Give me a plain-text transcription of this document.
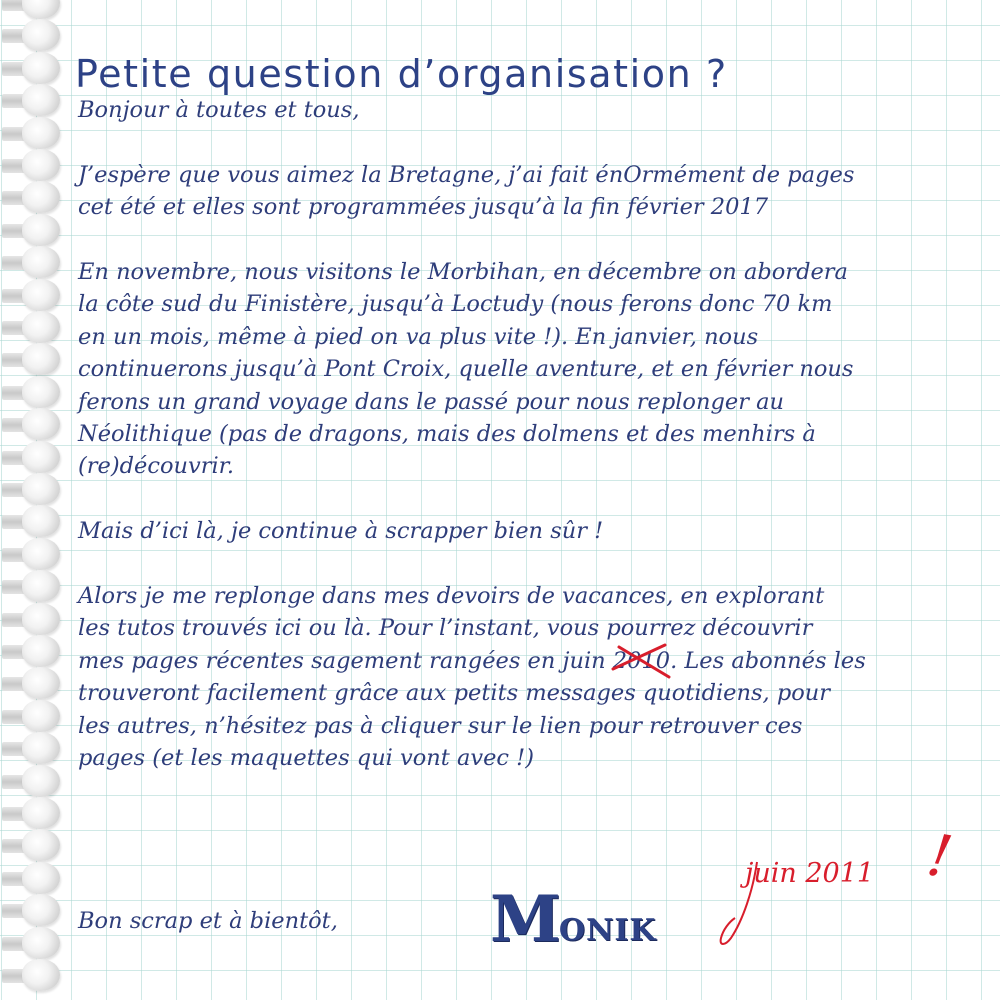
Petite question d’organisation ?
Bonjour à toutes et tous,
J’espère que vous aimez la Bretagne, j’ai fait énOrmément de pages
cet été et elles sont programmées jusqu’à la fin février 2017
En novembre, nous visitons le Morbihan, en décembre on abordera
la côte sud du Finistère, jusqu’à Loctudy (nous ferons donc 70 km
en un mois, même à pied on va plus vite !). En janvier, nous
continuerons jusqu’à Pont Croix, quelle aventure, et en février nous
ferons un grand voyage dans le passé pour nous replonger au
Néolithique (pas de dragons, mais des dolmens et des menhirs à
(re)découvrir.
Mais d’ici là, je continue à scrapper bien sûr !
Alors je me replonge dans mes devoirs de vacances, en explorant
les tutos trouvés ici ou là. Pour l’instant, vous pourrez découvrir
mes pages récentes sagement rangées en juin 2010
. Les abonnés les
trouveront facilement grâce aux petits messages quotidiens, pour
les autres, n’hésitez pas à cliquer sur le lien pour retrouver ces
pages (et les maquettes qui vont avec !)
Bon scrap et à bientôt, MONIK
juin 2011 !
